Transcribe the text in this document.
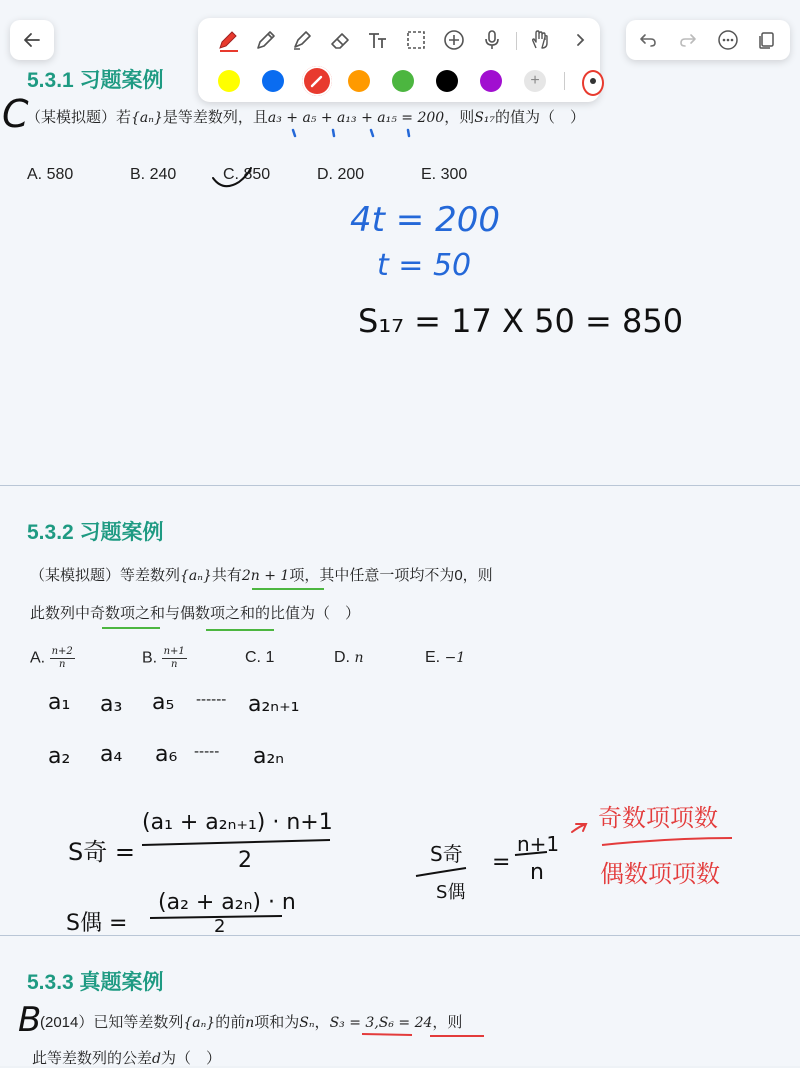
5.3.1 习题案例
（某模拟题）若{aₙ}是等差数列，且a₃ + a₅ + a₁₃ + a₁₅ = 200，则S₁₇的值为（　）
A. 580	B. 240	C. 850	D. 200	E. 300
C
4t = 200
t = 50
S₁₇ = 17 X 50 = 850
5.3.2 习题案例
（某模拟题）等差数列{aₙ}共有2n + 1项，其中任意一项均不为0，则
此数列中奇数项之和与偶数项之和的比值为（　）
A. $\frac{n+2}{n}$	B. $\frac{n+1}{n}$	C. 1	D. n	E. −1
a₁ a₃ a₅ ------ a₂ₙ₊₁
a₂ a₄ a₆ ----- a₂ₙ
S奇 =
(a₁ + a₂ₙ₊₁) · n+1
2
S偶 =
(a₂ + a₂ₙ) · n
2
S奇
S偶
=
n+1
n
奇数项项数
偶数项项数
5.3.3 真题案例
B
(2014）已知等差数列{aₙ}的前n项和为Sₙ，S₃ = 3,S₆ = 24，则
此等差数列的公差d为（　）
+
